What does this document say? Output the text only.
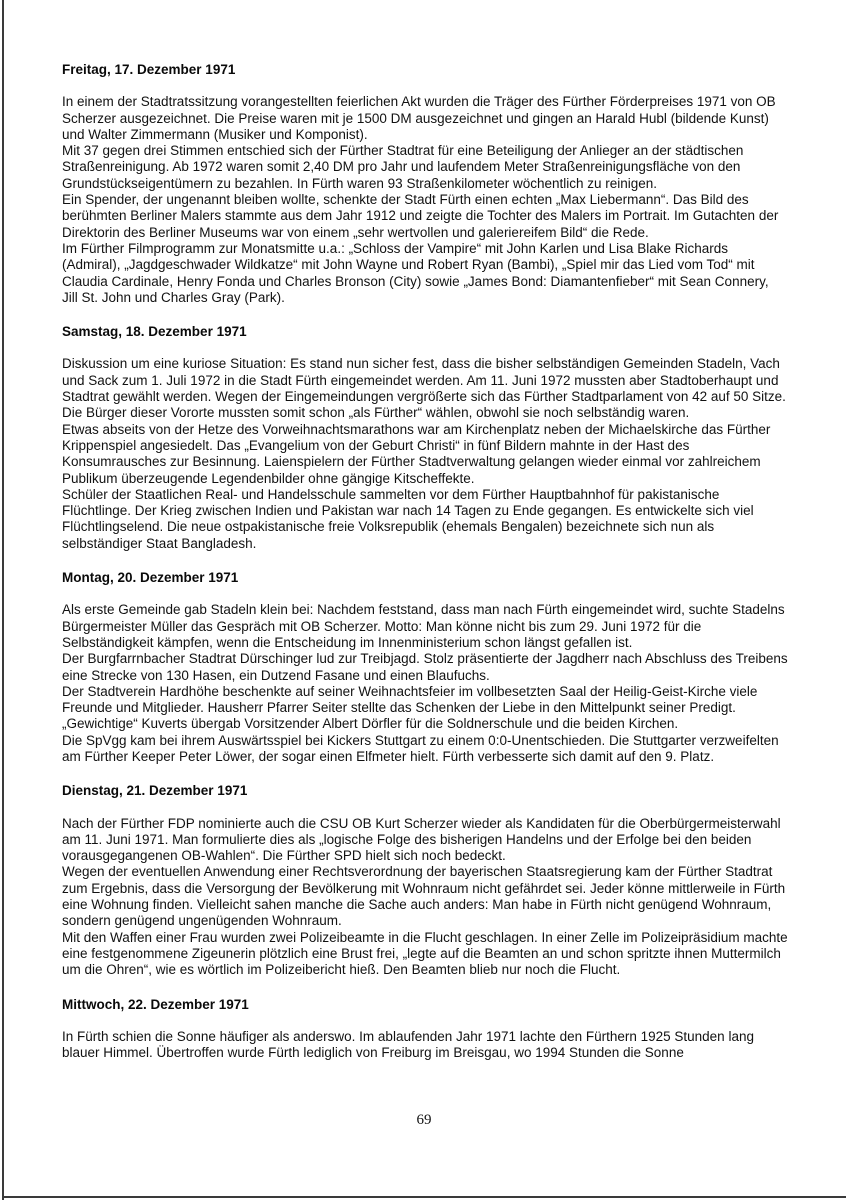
Freitag, 17. Dezember 1971

In einem der Stadtratssitzung vorangestellten feierlichen Akt wurden die Träger des Fürther Förderpreises 1971 von OB Scherzer ausgezeichnet. Die Preise waren mit je 1500 DM ausgezeichnet und gingen an Harald Hubl (bildende Kunst) und Walter Zimmermann (Musiker und Komponist).

Mit 37 gegen drei Stimmen entschied sich der Fürther Stadtrat für eine Beteiligung der Anlieger an der städtischen Straßenreinigung. Ab 1972 waren somit 2,40 DM pro Jahr und laufendem Meter Straßenreinigungsfläche von den Grundstückseigentümern zu bezahlen. In Fürth waren 93 Straßenkilometer wöchentlich zu reinigen.

Ein Spender, der ungenannt bleiben wollte, schenkte der Stadt Fürth einen echten „Max Liebermann“. Das Bild des berühmten Berliner Malers stammte aus dem Jahr 1912 und zeigte die Tochter des Malers im Portrait. Im Gutachten der Direktorin des Berliner Museums war von einem „sehr wertvollen und galeriereifem Bild“ die Rede.

Im Fürther Filmprogramm zur Monatsmitte u.a.: „Schloss der Vampire“ mit John Karlen und Lisa Blake Richards (Admiral), „Jagdgeschwader Wildkatze“ mit John Wayne und Robert Ryan (Bambi), „Spiel mir das Lied vom Tod“ mit Claudia Cardinale, Henry Fonda und Charles Bronson (City) sowie „James Bond: Diamantenfieber“ mit Sean Connery, Jill St. John und Charles Gray (Park).

Samstag, 18. Dezember 1971

Diskussion um eine kuriose Situation: Es stand nun sicher fest, dass die bisher selbständigen Gemeinden Stadeln, Vach und Sack zum 1. Juli 1972 in die Stadt Fürth eingemeindet werden. Am 11. Juni 1972 mussten aber Stadtoberhaupt und Stadtrat gewählt werden. Wegen der Eingemeindungen vergrößerte sich das Fürther Stadtparlament von 42 auf 50 Sitze. Die Bürger dieser Vororte mussten somit schon „als Fürther“ wählen, obwohl sie noch selbständig waren.

Etwas abseits von der Hetze des Vorweihnachtsmarathons war am Kirchenplatz neben der Michaelskirche das Fürther Krippenspiel angesiedelt. Das „Evangelium von der Geburt Christi“ in fünf Bildern mahnte in der Hast des Konsumrausches zur Besinnung. Laienspielern der Fürther Stadtverwaltung gelangen wieder einmal vor zahlreichem Publikum überzeugende Legendenbilder ohne gängige Kitscheffekte.

Schüler der Staatlichen Real- und Handelsschule sammelten vor dem Fürther Hauptbahnhof für pakistanische Flüchtlinge. Der Krieg zwischen Indien und Pakistan war nach 14 Tagen zu Ende gegangen. Es entwickelte sich viel Flüchtlingselend. Die neue ostpakistanische freie Volksrepublik (ehemals Bengalen) bezeichnete sich nun als selbständiger Staat Bangladesh.

Montag, 20. Dezember 1971

Als erste Gemeinde gab Stadeln klein bei: Nachdem feststand, dass man nach Fürth eingemeindet wird, suchte Stadelns Bürgermeister Müller das Gespräch mit OB Scherzer. Motto: Man könne nicht bis zum 29. Juni 1972 für die Selbständigkeit kämpfen, wenn die Entscheidung im Innenministerium schon längst gefallen ist.

Der Burgfarrnbacher Stadtrat Dürschinger lud zur Treibjagd. Stolz präsentierte der Jagdherr nach Abschluss des Treibens eine Strecke von 130 Hasen, ein Dutzend Fasane und einen Blaufuchs.

Der Stadtverein Hardhöhe beschenkte auf seiner Weihnachtsfeier im vollbesetzten Saal der Heilig-Geist-Kirche viele Freunde und Mitglieder. Hausherr Pfarrer Seiter stellte das Schenken der Liebe in den Mittelpunkt seiner Predigt. „Gewichtige“ Kuverts übergab Vorsitzender Albert Dörfler für die Soldnerschule und die beiden Kirchen.

Die SpVgg kam bei ihrem Auswärtsspiel bei Kickers Stuttgart zu einem 0:0-Unentschieden. Die Stuttgarter verzweifelten am Fürther Keeper Peter Löwer, der sogar einen Elfmeter hielt. Fürth verbesserte sich damit auf den 9. Platz.

Dienstag, 21. Dezember 1971

Nach der Fürther FDP nominierte auch die CSU OB Kurt Scherzer wieder als Kandidaten für die Oberbürgermeisterwahl am 11. Juni 1971. Man formulierte dies als „logische Folge des bisherigen Handelns und der Erfolge bei den beiden vorausgegangenen OB-Wahlen“. Die Fürther SPD hielt sich noch bedeckt.

Wegen der eventuellen Anwendung einer Rechtsverordnung der bayerischen Staatsregierung kam der Fürther Stadtrat zum Ergebnis, dass die Versorgung der Bevölkerung mit Wohnraum nicht gefährdet sei. Jeder könne mittlerweile in Fürth eine Wohnung finden. Vielleicht sahen manche die Sache auch anders: Man habe in Fürth nicht genügend Wohnraum, sondern genügend ungenügenden Wohnraum.

Mit den Waffen einer Frau wurden zwei Polizeibeamte in die Flucht geschlagen. In einer Zelle im Polizeipräsidium machte eine festgenommene Zigeunerin plötzlich eine Brust frei, „legte auf die Beamten an und schon spritzte ihnen Muttermilch um die Ohren“, wie es wörtlich im Polizeibericht hieß. Den Beamten blieb nur noch die Flucht.

Mittwoch, 22. Dezember 1971

In Fürth schien die Sonne häufiger als anderswo. Im ablaufenden Jahr 1971 lachte den Fürthern 1925 Stunden lang blauer Himmel. Übertroffen wurde Fürth lediglich von Freiburg im Breisgau, wo 1994 Stunden die Sonne

69
